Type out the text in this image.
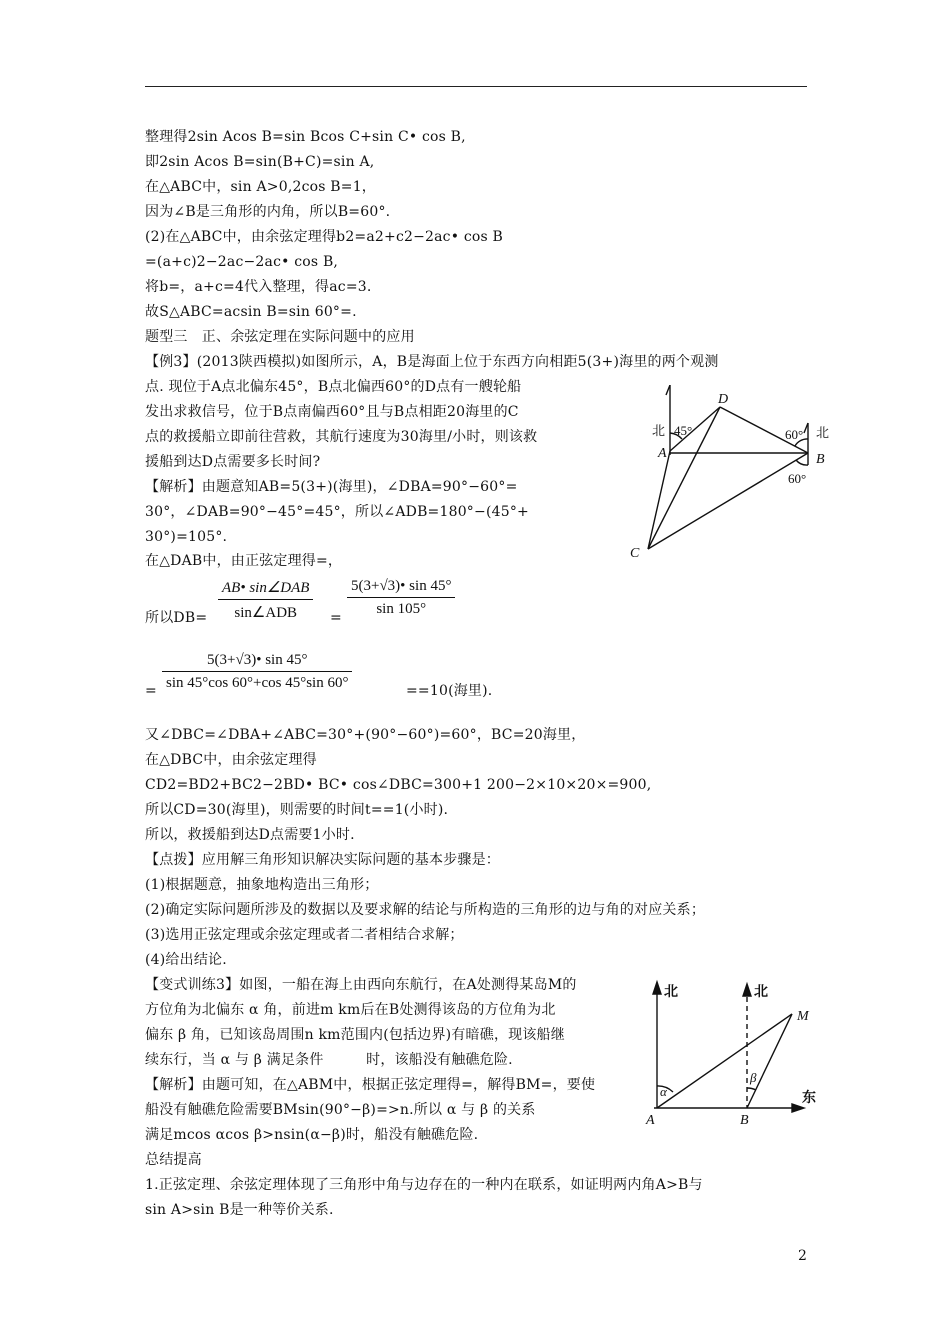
整理得2sin Acos B=sin Bcos C+sin C• cos B,
即2sin Acos B=sin(B+C)=sin A,
在△ABC中，sin A>0,2cos B=1，
因为∠B是三角形的内角，所以B=60°.
(2)在△ABC中，由余弦定理得b2=a2+c2−2ac• cos B
=(a+c)2−2ac−2ac• cos B,
将b=，a+c=4代入整理，得ac=3.
故S△ABC=acsin B=sin 60°=.
题型三　正、余弦定理在实际问题中的应用
【例3】(2013陕西模拟)如图所示，A，B是海面上位于东西方向相距5(3+)海里的两个观测
点. 现位于A点北偏东45°，B点北偏西60°的D点有一艘轮船
发出求救信号，位于B点南偏西60°且与B点相距20海里的C
点的救援船立即前往营救，其航行速度为30海里/小时，则该救
援船到达D点需要多长时间?
【解析】由题意知AB=5(3+)(海里)，∠DBA=90°−60°=
30°，∠DAB=90°−45°=45°，所以∠ADB=180°−(45°+
30°)=105°.
在△DAB中，由正弦定理得=，
所以DB=
AB• sin∠DAB
sin∠ADB	= $\frac{5(3+√3)• \sin 45^\circ}{\sin 105^\circ}$
= $\frac{5(3+√3)• \sin 45^\circ}{\sin 45^\circ\cos 60^\circ+\cos 45^\circ\sin 60^\circ}$	==10(海里).
又∠DBC=∠DBA+∠ABC=30°+(90°−60°)=60°，BC=20海里，
在△DBC中，由余弦定理得
CD2=BD2+BC2−2BD• BC• cos∠DBC=300+1 200−2×10×20×=900,
所以CD=30(海里)，则需要的时间t==1(小时).
所以，救援船到达D点需要1小时.
【点拨】应用解三角形知识解决实际问题的基本步骤是：
(1)根据题意，抽象地构造出三角形；
(2)确定实际问题所涉及的数据以及要求解的结论与所构造的三角形的边与角的对应关系；
(3)选用正弦定理或余弦定理或者二者相结合求解；
(4)给出结论.
【变式训练3】如图，一船在海上由西向东航行，在A处测得某岛M的
方位角为北偏东 α 角，前进m km后在B处测得该岛的方位角为北
偏东 β 角，已知该岛周围n km范围内(包括边界)有暗礁，现该船继
续东行，当 α 与 β 满足条件　　　时，该船没有触礁危险.
【解析】由题可知，在△ABM中，根据正弦定理得=，解得BM=，要使
船没有触礁危险需要BMsin(90°−β)=>n.所以 α 与 β 的关系
满足mcos αcos β>nsin(α−β)时，船没有触礁危险.
总结提高
1.正弦定理、余弦定理体现了三角形中角与边存在的一种内在联系，如证明两内角A>B与
sin A>sin B是一种等价关系.
D
A	B
C
北 45°	60° 北
60°
北	北
东
M
A	B
α
β
2
